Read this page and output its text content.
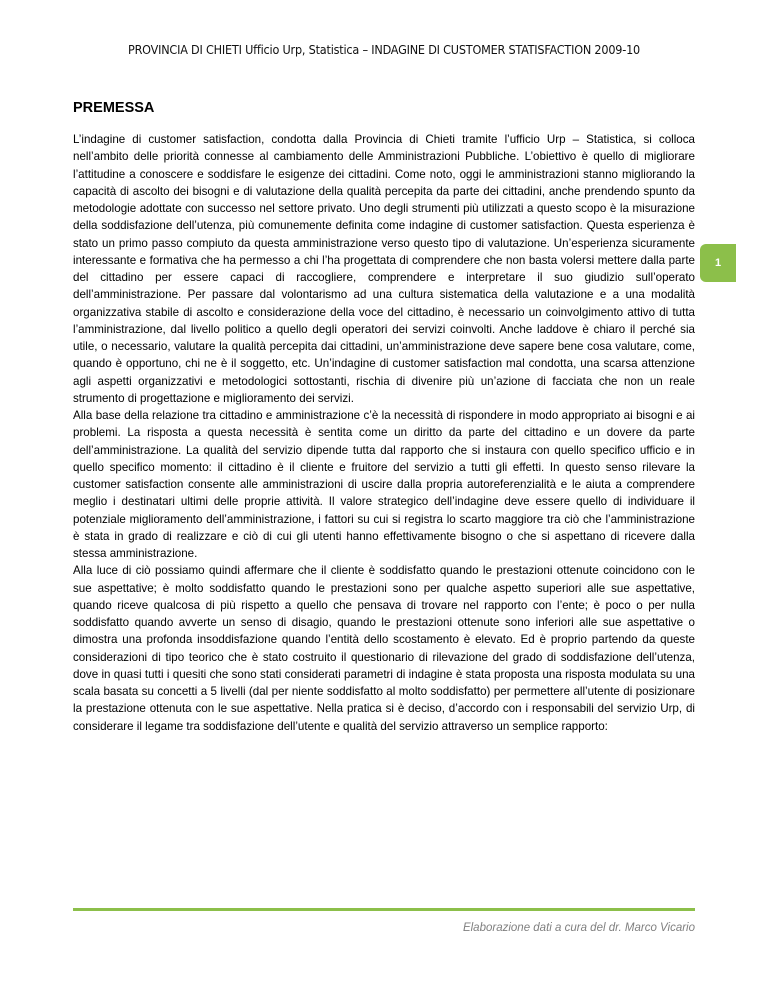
PROVINCIA DI CHIETI Ufficio Urp, Statistica – INDAGINE DI CUSTOMER STATISFACTION 2009-10
PREMESSA

L’indagine di customer satisfaction, condotta dalla Provincia di Chieti tramite l’ufficio Urp – Statistica, si colloca nell’ambito delle priorità connesse al cambiamento delle Amministrazioni Pubbliche. L’obiettivo è quello di migliorare l’attitudine a conoscere e soddisfare le esigenze dei cittadini. Come noto, oggi le amministrazioni stanno migliorando la capacità di ascolto dei bisogni e di valutazione della qualità percepita da parte dei cittadini, anche prendendo spunto da metodologie adottate con successo nel settore privato. Uno degli strumenti più utilizzati a questo scopo è la misurazione della soddisfazione dell’utenza, più comunemente definita come indagine di customer satisfaction. Questa esperienza è stato un primo passo compiuto da questa amministrazione verso questo tipo di valutazione. Un’esperienza sicuramente interessante e formativa che ha permesso a chi l’ha progettata di comprendere che non basta volersi mettere dalla parte del cittadino per essere capaci di raccogliere, comprendere e interpretare il suo giudizio sull’operato dell’amministrazione. Per passare dal volontarismo ad una cultura sistematica della valutazione e a una modalità organizzativa stabile di ascolto e considerazione della voce del cittadino, è necessario un coinvolgimento attivo di tutta l’amministrazione, dal livello politico a quello degli operatori dei servizi coinvolti. Anche laddove è chiaro il perché sia utile, o necessario, valutare la qualità percepita dai cittadini, un’amministrazione deve sapere bene cosa valutare, come, quando è opportuno, chi ne è il soggetto, etc. Un’indagine di customer satisfaction mal condotta, una scarsa attenzione agli aspetti organizzativi e metodologici sottostanti, rischia di divenire più un’azione di facciata che non un reale strumento di progettazione e miglioramento dei servizi.

Alla base della relazione tra cittadino e amministrazione c’è la necessità di rispondere in modo appropriato ai bisogni e ai problemi. La risposta a questa necessità è sentita come un diritto da parte del cittadino e un dovere da parte dell’amministrazione. La qualità del servizio dipende tutta dal rapporto che si instaura con quello specifico ufficio e in quello specifico momento: il cittadino è il cliente e fruitore del servizio a tutti gli effetti. In questo senso rilevare la customer satisfaction consente alle amministrazioni di uscire dalla propria autoreferenzialità e le aiuta a comprendere meglio i destinatari ultimi delle proprie attività. Il valore strategico dell’indagine deve essere quello di individuare il potenziale miglioramento dell’amministrazione, i fattori su cui si registra lo scarto maggiore tra ciò che l’amministrazione è stata in grado di realizzare e ciò di cui gli utenti hanno effettivamente bisogno o che si aspettano di ricevere dalla stessa amministrazione.

Alla luce di ciò possiamo quindi affermare che il cliente è soddisfatto quando le prestazioni ottenute coincidono con le sue aspettative; è molto soddisfatto quando le prestazioni sono per qualche aspetto superiori alle sue aspettative, quando riceve qualcosa di più rispetto a quello che pensava di trovare nel rapporto con l’ente; è poco o per nulla soddisfatto quando avverte un senso di disagio, quando le prestazioni ottenute sono inferiori alle sue aspettative o dimostra una profonda insoddisfazione quando l’entità dello scostamento è elevato. Ed è proprio partendo da queste considerazioni di tipo teorico che è stato costruito il questionario di rilevazione del grado di soddisfazione dell’utenza, dove in quasi tutti i quesiti che sono stati considerati parametri di indagine è stata proposta una risposta modulata su una scala basata su concetti a 5 livelli (dal per niente soddisfatto al molto soddisfatto) per permettere all’utente di posizionare la prestazione ottenuta con le sue aspettative. Nella pratica si è deciso, d’accordo con i responsabili del servizio Urp, di considerare il legame tra soddisfazione dell’utente e qualità del servizio attraverso un semplice rapporto:

1
Elaborazione dati a cura del dr. Marco Vicario
